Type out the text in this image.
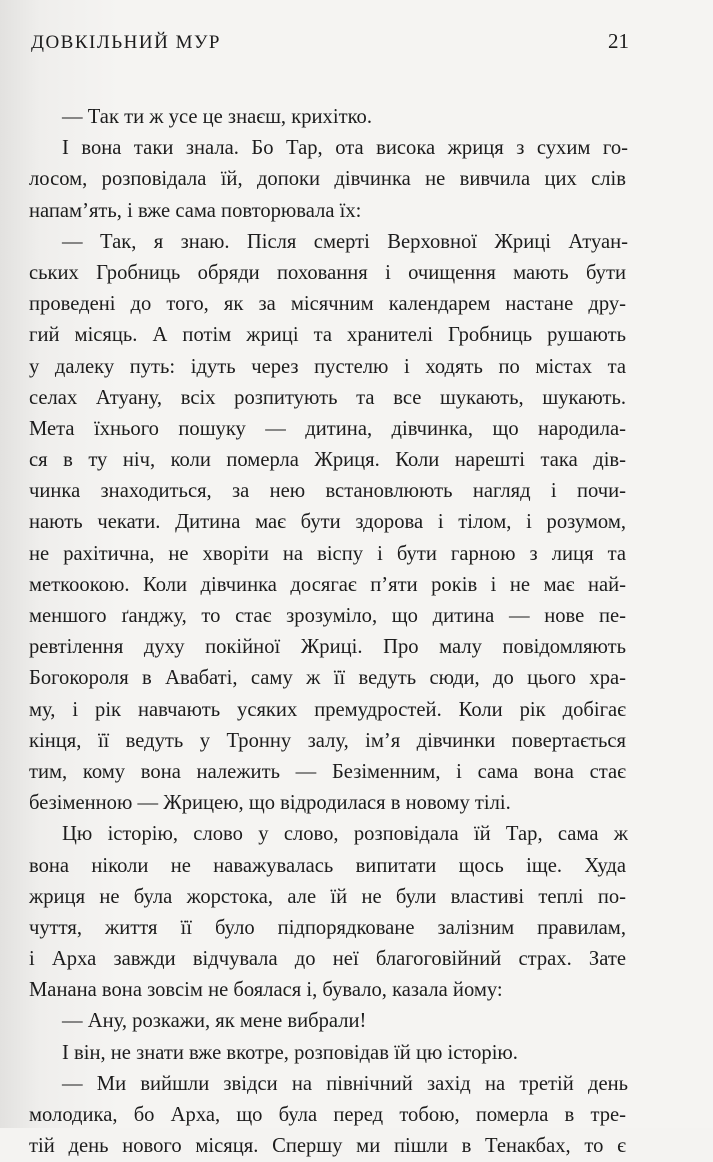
ДОВКІЛЬНИЙ МУР	21
— Так ти ж усе це знаєш, крихітко.
І вона таки знала. Бо Тар, ота висока жриця з сухим го-
лосом, розповідала їй, допоки дівчинка не вивчила цих слів
напам’ять, і вже сама повторювала їх:
— Так, я знаю. Після смерті Верховної Жриці Атуан-
ських Гробниць обряди поховання і очищення мають бути
проведені до того, як за місячним календарем настане дру-
гий місяць. А потім жриці та хранителі Гробниць рушають
у далеку путь: ідуть через пустелю і ходять по містах та
селах Атуану, всіх розпитують та все шукають, шукають.
Мета їхнього пошуку — дитина, дівчинка, що народила-
ся в ту ніч, коли померла Жриця. Коли нарешті така дів-
чинка знаходиться, за нею встановлюють нагляд і почи-
нають чекати. Дитина має бути здорова і тілом, і розумом,
не рахітична, не хворіти на віспу і бути гарною з лиця та
меткоокою. Коли дівчинка досягає п’яти років і не має най-
меншого ґанджу, то стає зрозуміло, що дитина — нове пе-
ревтілення духу покійної Жриці. Про малу повідомляють
Богокороля в Авабаті, саму ж її ведуть сюди, до цього хра-
му, і рік навчають усяких премудростей. Коли рік добігає
кінця, її ведуть у Тронну залу, ім’я дівчинки повертається
тим, кому вона належить — Безіменним, і сама вона стає
безіменною — Жрицею, що відродилася в новому тілі.
Цю історію, слово у слово, розповідала їй Тар, сама ж
вона ніколи не наважувалась випитати щось іще. Худа
жриця не була жорстока, але їй не були властиві теплі по-
чуття, життя її було підпорядковане залізним правилам,
і Арха завжди відчувала до неї благоговійний страх. Зате
Манана вона зовсім не боялася і, бувало, казала йому:
— Ану, розкажи, як мене вибрали!
І він, не знати вже вкотре, розповідав їй цю історію.
— Ми вийшли звідси на північний захід на третій день
молодика, бо Арха, що була перед тобою, померла в тре-
тій день нового місяця. Спершу ми пішли в Тенакбах, то є
